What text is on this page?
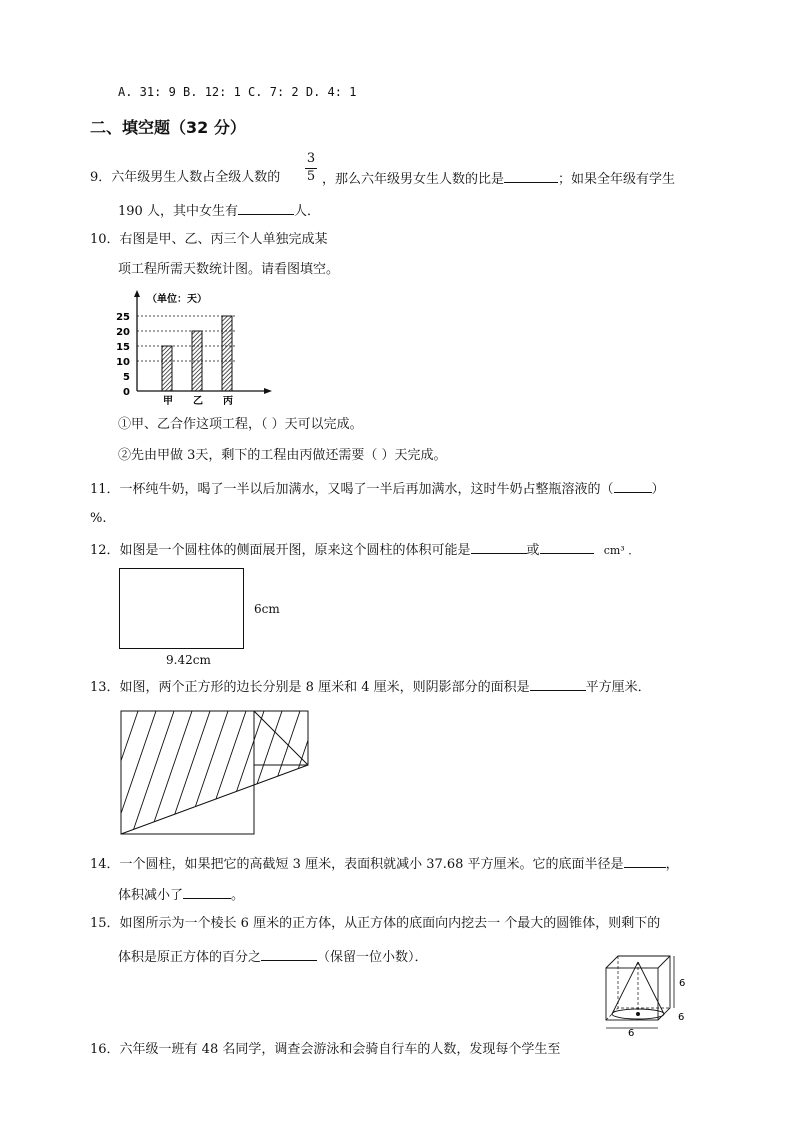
A. 31: 9 B. 12: 1 C. 7: 2 D. 4: 1
二、填空题（32 分）
9．六年级男生人数占全级人数的
3
5 ，那么六年级男女生人数的比是	；如果全年级有学生
190 人，其中女生有	人．
10．右图是甲、乙、丙三个人单独完成某
项工程所需天数统计图。请看图填空。
（单位：天）
25
20
15
10
5
0
甲 乙 丙
①甲、乙合作这项工程，（ ）天可以完成。
②先由甲做 3天，剩下的工程由丙做还需要（ ）天完成。
11．一杯纯牛奶，喝了一半以后加满水，又喝了一半后再加满水，这时牛奶占整瓶溶液的（	）
%.
12．如图是一个圆柱体的侧面展开图，原来这个圆柱的体积可能是	或	cm³ ．
6cm
9.42cm
13．如图，两个正方形的边长分别是 8 厘米和 4 厘米，则阴影部分的面积是	平方厘米．
14．一个圆柱，如果把它的高截短 3 厘米，表面积就减小 37.68 平方厘米。它的底面半径是	，
体积减小了	。
15．如图所示为一个棱长 6 厘米的正方体，从正方体的底面向内挖去一 个最大的圆锥体，则剩下的
体积是原正方体的百分之	（保留一位小数）．
6
6
6
16．六年级一班有 48 名同学，调查会游泳和会骑自行车的人数，发现每个学生至
